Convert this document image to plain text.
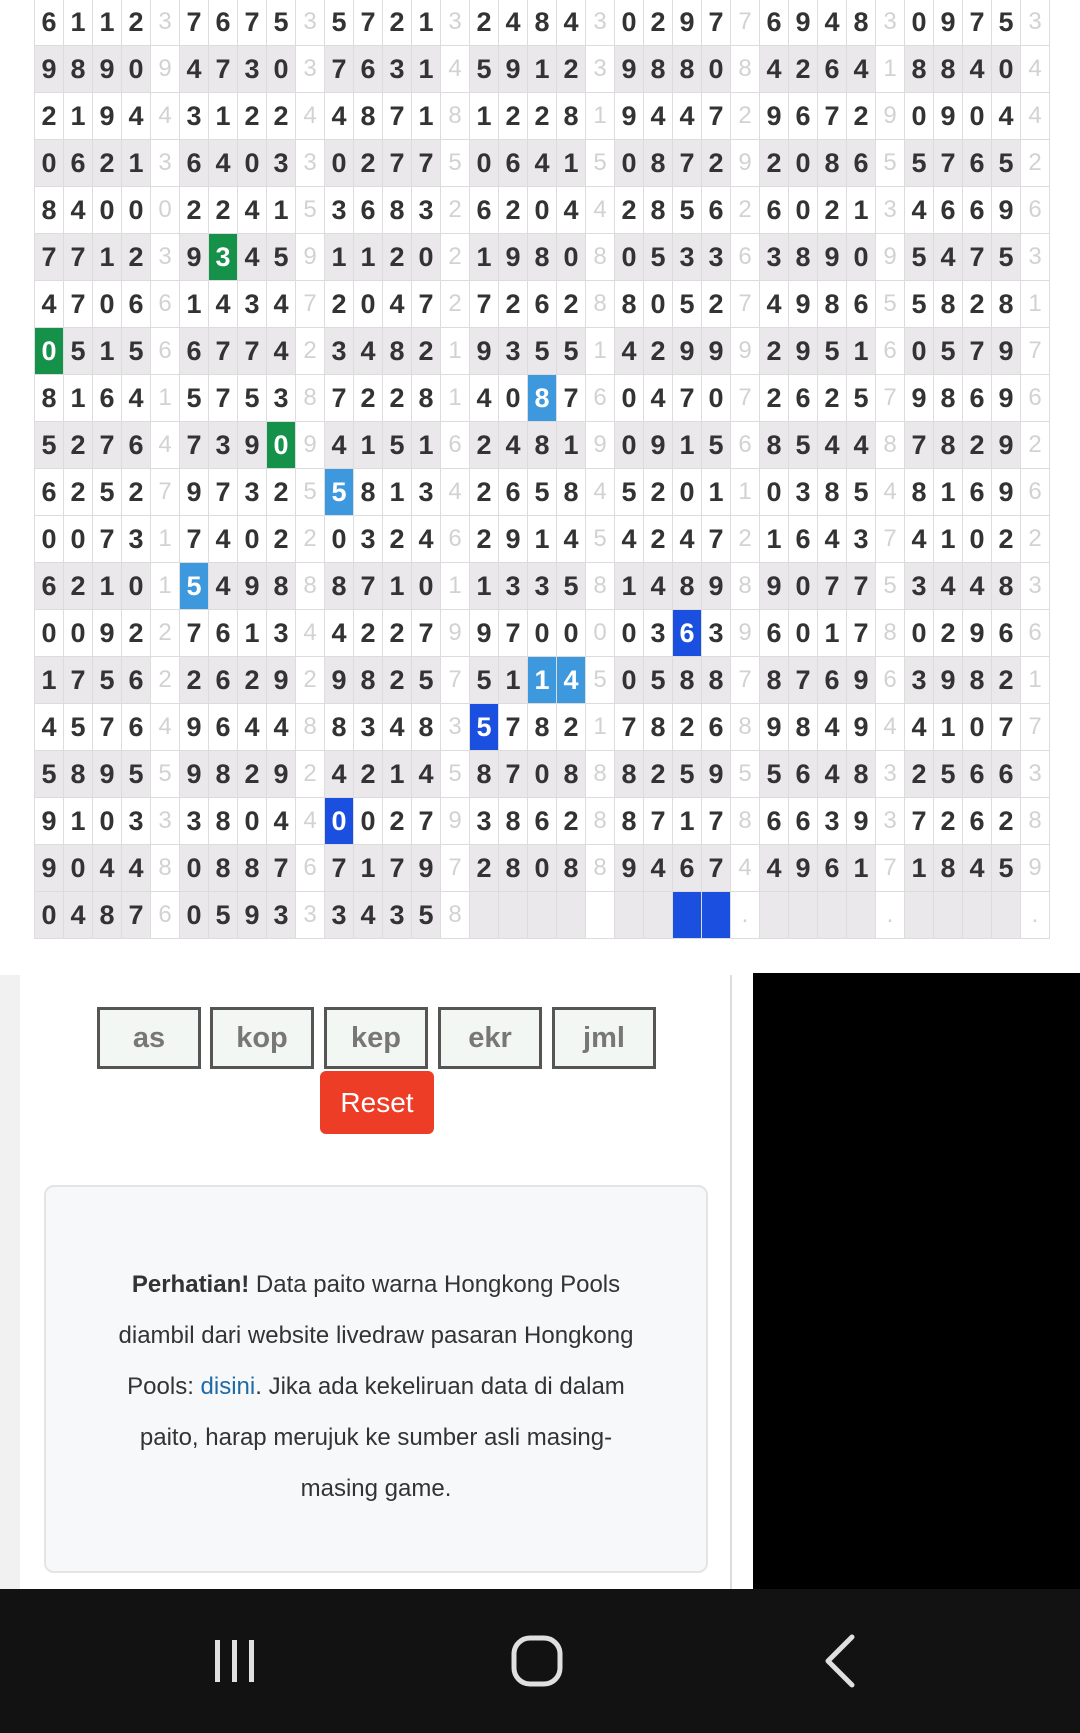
6	1	1	2	3	7	6	7	5	3	5	7	2	1	3	2	4	8	4	3	0	2	9	7	7	6	9	4	8	3	0	9	7	5	3
9	8	9	0	9	4	7	3	0	3	7	6	3	1	4	5	9	1	2	3	9	8	8	0	8	4	2	6	4	1	8	8	4	0	4
2	1	9	4	4	3	1	2	2	4	4	8	7	1	8	1	2	2	8	1	9	4	4	7	2	9	6	7	2	9	0	9	0	4	4
0	6	2	1	3	6	4	0	3	3	0	2	7	7	5	0	6	4	1	5	0	8	7	2	9	2	0	8	6	5	5	7	6	5	2
8	4	0	0	0	2	2	4	1	5	3	6	8	3	2	6	2	0	4	4	2	8	5	6	2	6	0	2	1	3	4	6	6	9	6
7	7	1	2	3	9	3	4	5	9	1	1	2	0	2	1	9	8	0	8	0	5	3	3	6	3	8	9	0	9	5	4	7	5	3
4	7	0	6	6	1	4	3	4	7	2	0	4	7	2	7	2	6	2	8	8	0	5	2	7	4	9	8	6	5	5	8	2	8	1
0	5	1	5	6	6	7	7	4	2	3	4	8	2	1	9	3	5	5	1	4	2	9	9	9	2	9	5	1	6	0	5	7	9	7
8	1	6	4	1	5	7	5	3	8	7	2	2	8	1	4	0	8	7	6	0	4	7	0	7	2	6	2	5	7	9	8	6	9	6
5	2	7	6	4	7	3	9	0	9	4	1	5	1	6	2	4	8	1	9	0	9	1	5	6	8	5	4	4	8	7	8	2	9	2
6	2	5	2	7	9	7	3	2	5	5	8	1	3	4	2	6	5	8	4	5	2	0	1	1	0	3	8	5	4	8	1	6	9	6
0	0	7	3	1	7	4	0	2	2	0	3	2	4	6	2	9	1	4	5	4	2	4	7	2	1	6	4	3	7	4	1	0	2	2
6	2	1	0	1	5	4	9	8	8	8	7	1	0	1	1	3	3	5	8	1	4	8	9	8	9	0	7	7	5	3	4	4	8	3
0	0	9	2	2	7	6	1	3	4	4	2	2	7	9	9	7	0	0	0	0	3	6	3	9	6	0	1	7	8	0	2	9	6	6
1	7	5	6	2	2	6	2	9	2	9	8	2	5	7	5	1	1	4	5	0	5	8	8	7	8	7	6	9	6	3	9	8	2	1
4	5	7	6	4	9	6	4	4	8	8	3	4	8	3	5	7	8	2	1	7	8	2	6	8	9	8	4	9	4	4	1	0	7	7
5	8	9	5	5	9	8	2	9	2	4	2	1	4	5	8	7	0	8	8	8	2	5	9	5	5	6	4	8	3	2	5	6	6	3
9	1	0	3	3	3	8	0	4	4	0	0	2	7	9	3	8	6	2	8	8	7	1	7	8	6	6	3	9	3	7	2	6	2	8
9	0	4	4	8	0	8	8	7	6	7	1	7	9	7	2	8	0	8	8	9	4	6	7	4	4	9	6	1	7	1	8	4	5	9
0	4	8	7	6	0	5	9	3	3	3	4	3	5	8										.					.					.
as	kop	kep	ekr	jml
Reset
Perhatian! Data paito warna Hongkong Pools diambil dari website livedraw pasaran Hongkong Pools: disini. Jika ada kekeliruan data di dalam paito, harap merujuk ke sumber asli masing-masing game.
